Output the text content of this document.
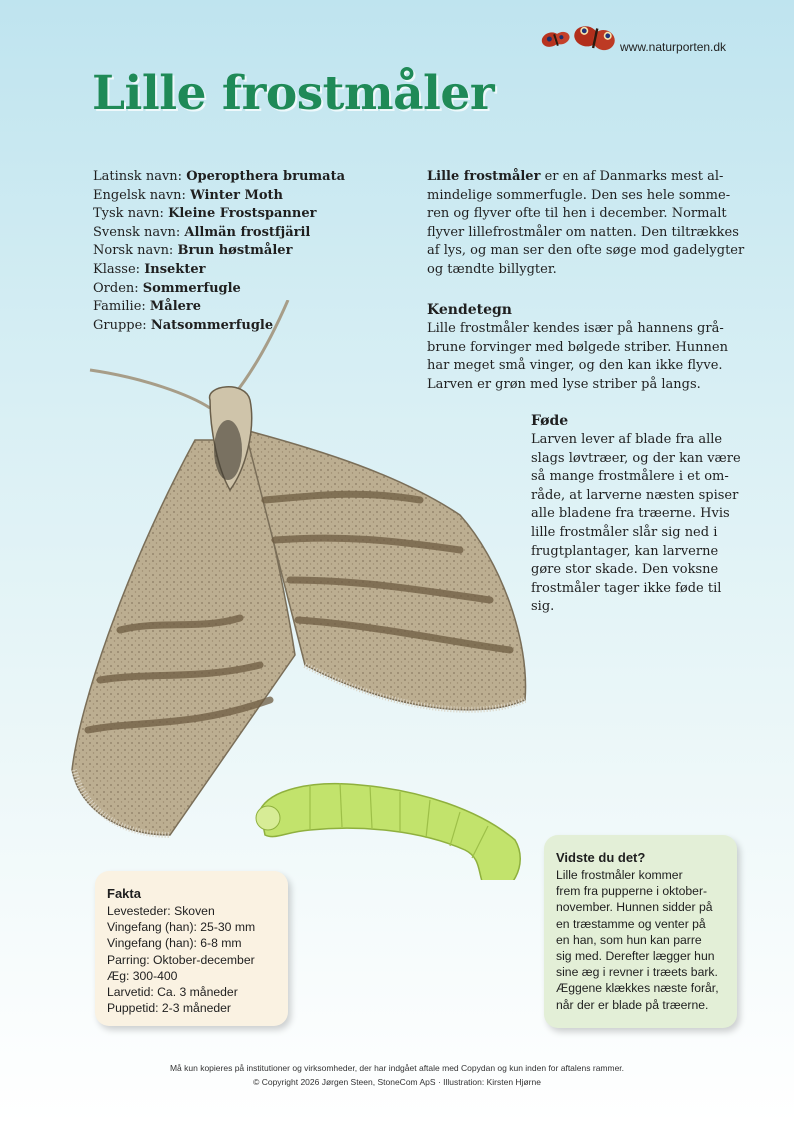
www.naturporten.dk
Lille frostmåler
Latinsk navn: Operopthera brumata
Engelsk navn: Winter Moth
Tysk navn: Kleine Frostspanner
Svensk navn: Allmän frostfjäril
Norsk navn: Brun høstmåler
Klasse: Insekter
Orden: Sommerfugle
Familie: Målere
Gruppe: Natsommerfugle
Lille frostmåler er en af Danmarks mest al-
mindelige sommerfugle. Den ses hele somme-
ren og flyver ofte til hen i december. Normalt
flyver lillefrostmåler om natten. Den tiltrækkes
af lys, og man ser den ofte søge mod gadelygter
og tændte billygter.
Kendetegn
Lille frostmåler kendes især på hannens grå-
brune forvinger med bølgede striber. Hunnen
har meget små vinger, og den kan ikke flyve.
Larven er grøn med lyse striber på langs.
Føde
Larven lever af blade fra alle
slags løvtræer, og der kan være
så mange frostmålere i et om-
råde, at larverne næsten spiser
alle bladene fra træerne. Hvis
lille frostmåler slår sig ned i
frugtplantager, kan larverne
gøre stor skade. Den voksne
frostmåler tager ikke føde til
sig.
Fakta
Levesteder: Skoven
Vingefang (han): 25-30 mm
Vingefang (han): 6-8 mm
Parring: Oktober-december
Æg: 300-400
Larvetid: Ca. 3 måneder
Puppetid: 2-3 måneder
Vidste du det?
Lille frostmåler kommer
frem fra pupperne i oktober-
november. Hunnen sidder på
en træstamme og venter på
en han, som hun kan parre
sig med. Derefter lægger hun
sine æg i revner i træets bark.
Æggene klækkes næste forår,
når der er blade på træerne.
Må kun kopieres på institutioner og virksomheder, der har indgået aftale med Copydan og kun inden for aftalens rammer.
© Copyright 2026 Jørgen Steen, StoneCom ApS · Illustration: Kirsten Hjørne
